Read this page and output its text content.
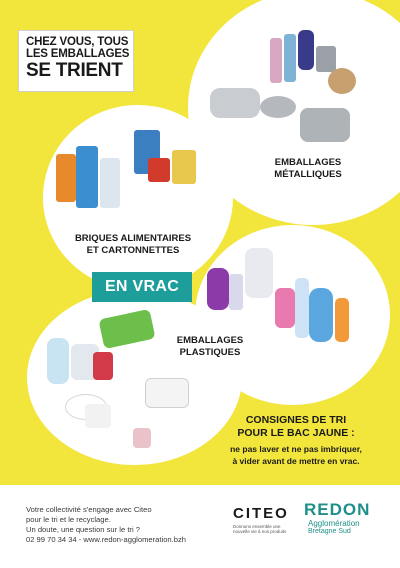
CHEZ VOUS, TOUS
LES EMBALLAGES
SE TRIENT
EMBALLAGES
MÉTALLIQUES
BRIQUES ALIMENTAIRES
ET CARTONNETTES
EN VRAC
EMBALLAGES
PLASTIQUES
CONSIGNES DE TRI
POUR LE BAC JAUNE :
ne pas laver et ne pas imbriquer,
à vider avant de mettre en vrac.
Votre collectivité s'engage avec Citeo
pour le tri et le recyclage.
Un doute, une question sur le tri ?
02 99 70 34 34 - www.redon-agglomeration.bzh
CITEO
Donnons ensemble une nouvelle vie à nos produits
REDON
Agglomération
Bretagne Sud
